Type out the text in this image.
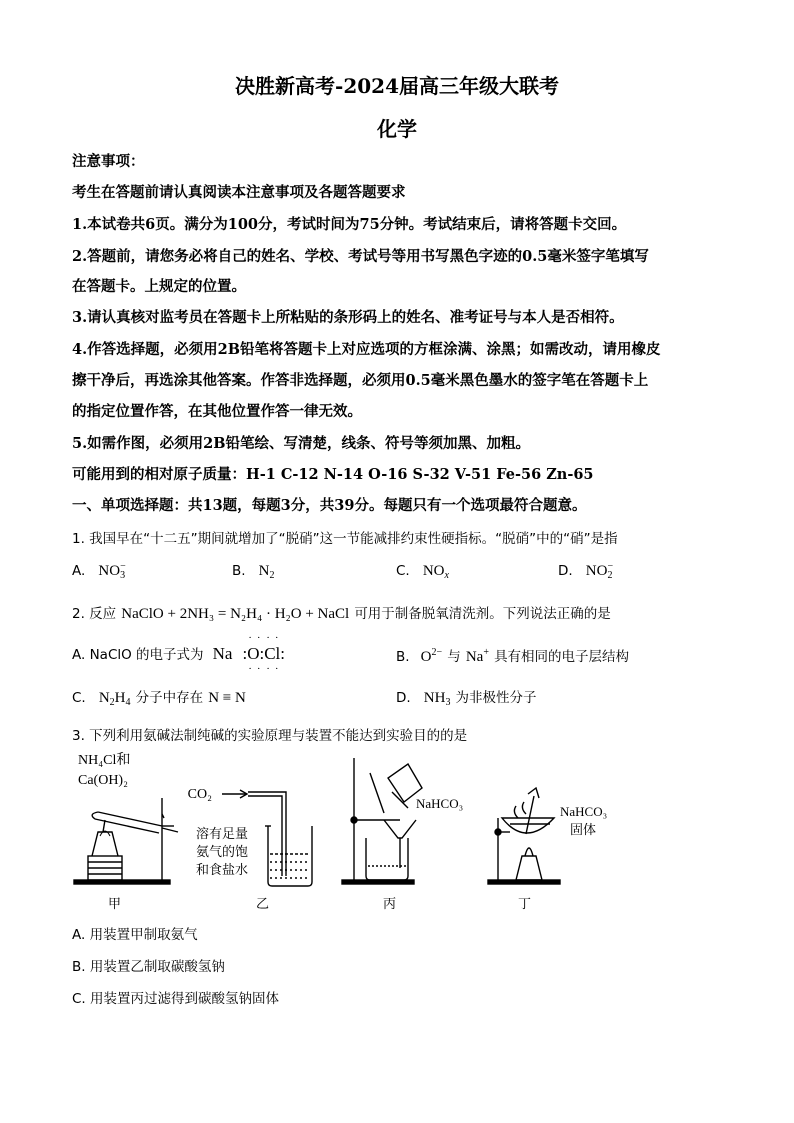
决胜新高考-2024届高三年级大联考
化学
注意事项：
考生在答题前请认真阅读本注意事项及各题答题要求
1.本试卷共6页。满分为100分，考试时间为75分钟。考试结束后，请将答题卡交回。
2.答题前，请您务必将自己的姓名、学校、考试号等用书写黑色字迹的0.5毫米签字笔填写
在答题卡。上规定的位置。
3.请认真核对监考员在答题卡上所粘贴的条形码上的姓名、准考证号与本人是否相符。
4.作答选择题，必须用2B铅笔将答题卡上对应选项的方框涂满、涂黑；如需改动，请用橡皮
擦干净后，再选涂其他答案。作答非选择题，必须用0.5毫米黑色墨水的签字笔在答题卡上
的指定位置作答，在其他位置作答一律无效。
5.如需作图，必须用2B铅笔绘、写清楚，线条、符号等须加黑、加粗。
可能用到的相对原子质量：H-1 C-12 N-14 O-16 S-32 V-51 Fe-56 Zn-65
一、单项选择题：共13题，每题3分，共39分。每题只有一个选项最符合题意。
1. 我国早在“十二五”期间就增加了“脱硝”这一节能减排约束性硬指标。“脱硝”中的“硝”是指
A. $NO_3^-$	B. $N_2$	C. $NO_x$	D. $NO_2^-$
2. 反应 NaClO + 2NH₃ = N₂H₄ · H₂O + NaCl 可用于制备脱氧清洗剂。下列说法正确的是
A. NaClO 的电子式为 Na :O
··
··
:Cl
··
··
:	B. $O^{2-}$ 与 Na+ 具有相同的电子层结构
C. $N_2H_4$ 分子中存在 N ≡ N	D. $NH_3$ 为非极性分子
3. 下列利用氨碱法制纯碱的实验原理与装置不能达到实验目的的是
NH₄Cl和
Ca(OH)₂
CO₂
溶有足量
氨气的饱
和食盐水
NaHCO₃
NaHCO₃
固体
甲	乙	丙	丁
A. 用装置甲制取氨气
B. 用装置乙制取碳酸氢钠
C. 用装置丙过滤得到碳酸氢钠固体
